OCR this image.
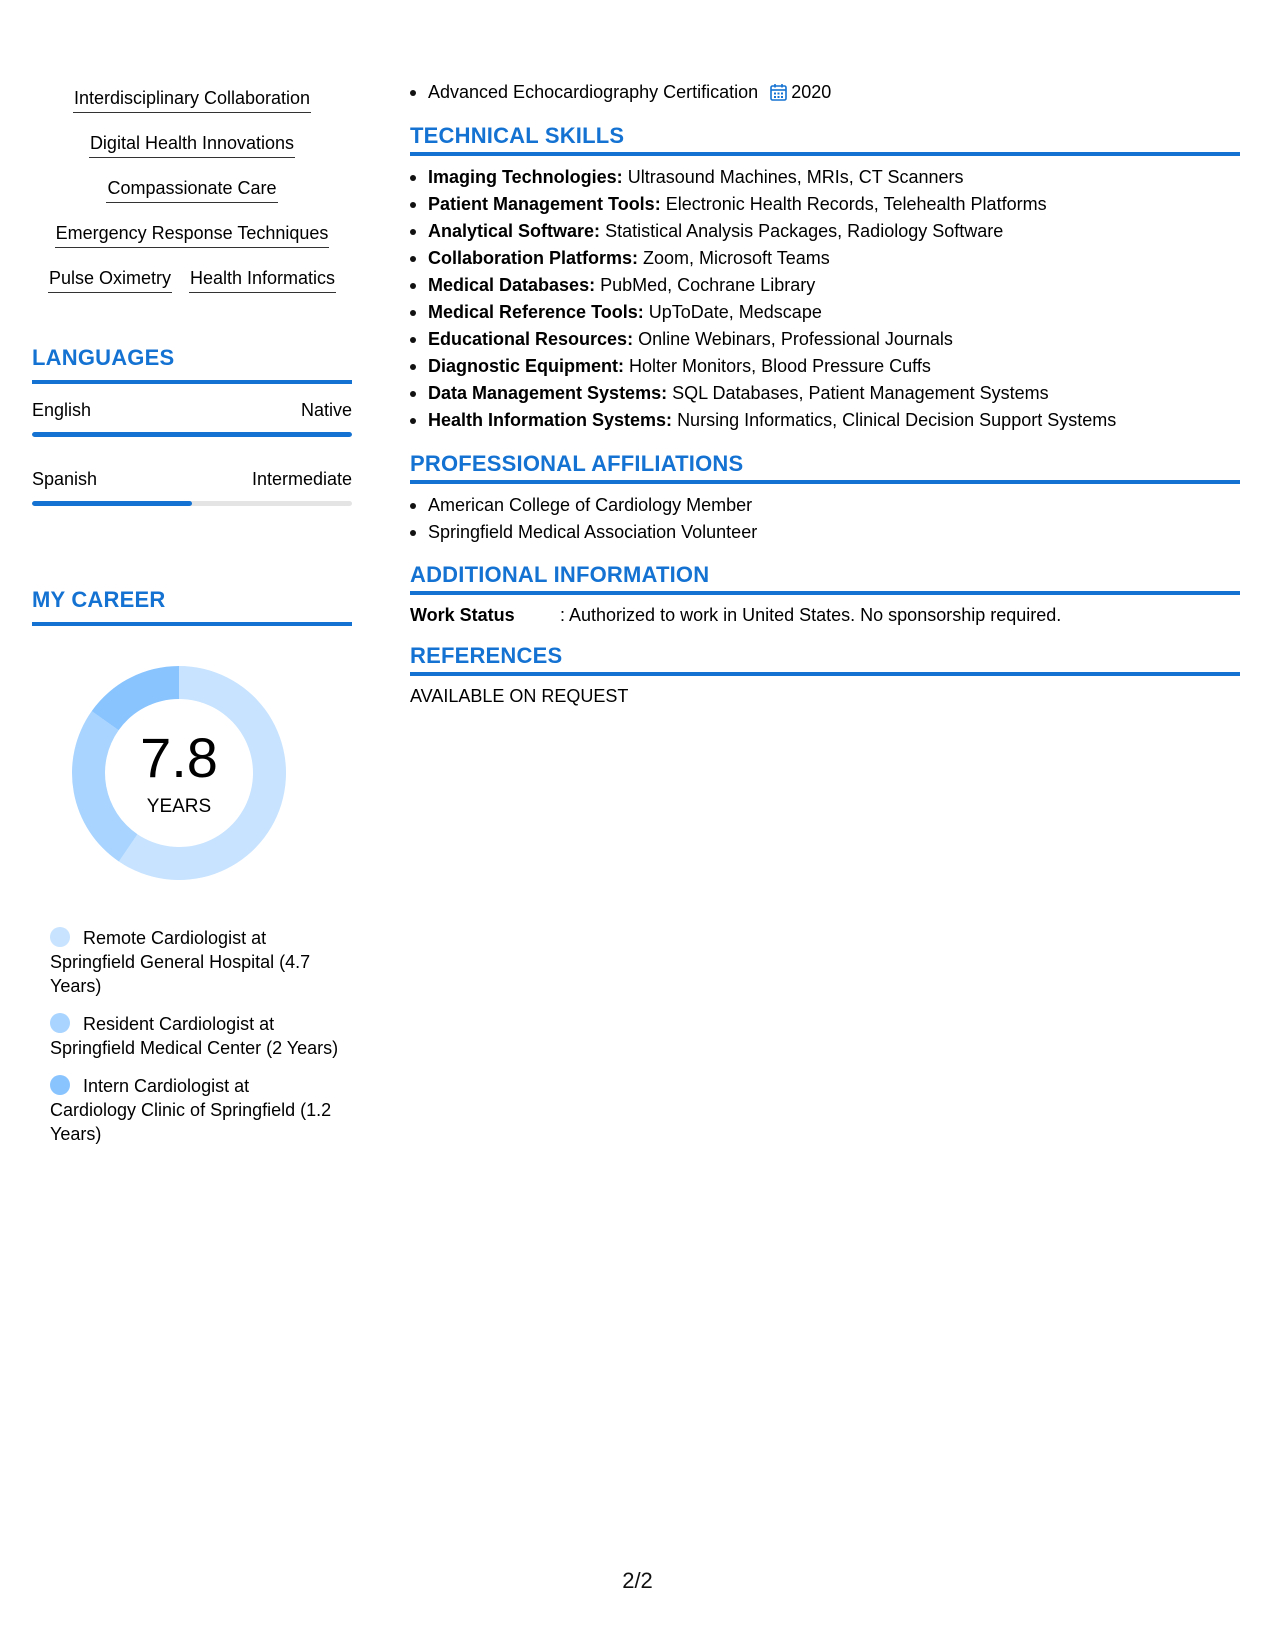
Interdisciplinary Collaboration
Digital Health Innovations
Compassionate Care
Emergency Response Techniques
Pulse Oximetry Health Informatics
LANGUAGES
English	Native
Spanish	Intermediate
MY CAREER
7.8
YEARS
Remote Cardiologist at Springfield General Hospital (4.7 Years)
Resident Cardiologist at Springfield Medical Center (2 Years)
Intern Cardiologist at Cardiology Clinic of Springfield (1.2 Years)
Advanced Echocardiography Certification 2020
TECHNICAL SKILLS
Imaging Technologies: Ultrasound Machines, MRIs, CT Scanners
Patient Management Tools: Electronic Health Records, Telehealth Platforms
Analytical Software: Statistical Analysis Packages, Radiology Software
Collaboration Platforms: Zoom, Microsoft Teams
Medical Databases: PubMed, Cochrane Library
Medical Reference Tools: UpToDate, Medscape
Educational Resources: Online Webinars, Professional Journals
Diagnostic Equipment: Holter Monitors, Blood Pressure Cuffs
Data Management Systems: SQL Databases, Patient Management Systems
Health Information Systems: Nursing Informatics, Clinical Decision Support Systems
PROFESSIONAL AFFILIATIONS
American College of Cardiology Member
Springfield Medical Association Volunteer
ADDITIONAL INFORMATION
Work Status	: Authorized to work in United States. No sponsorship required.
REFERENCES
AVAILABLE ON REQUEST
2/2
